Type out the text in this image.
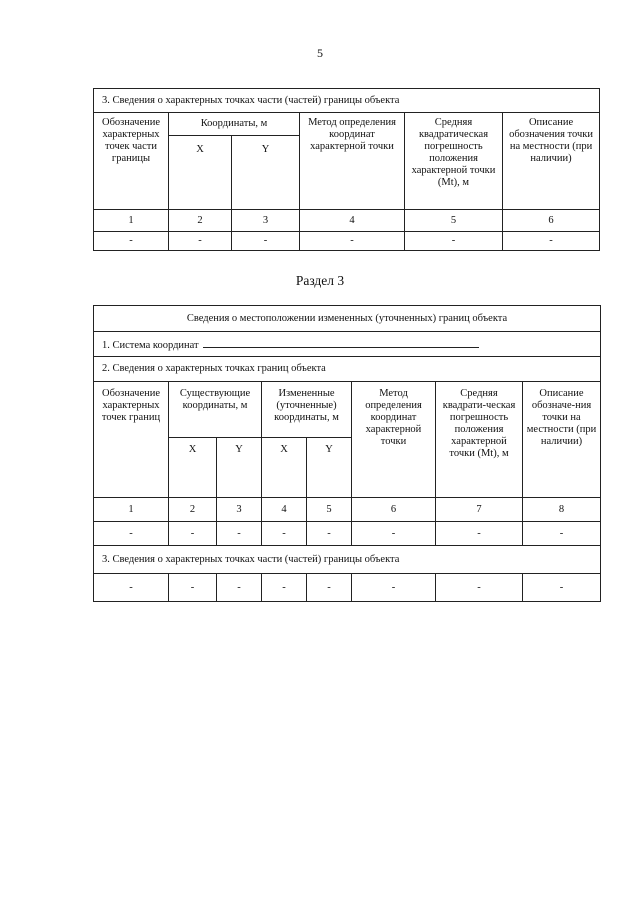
5
3. Сведения о характерных точках части (частей) границы объекта					
Обозначение характерных точек части границы	Координаты, м		Метод определения координат характерной точки	Средняя квадратическая погрешность положения характерной точки (Mt), м	Описание обозначения точки на местности (при наличии)
	X	Y			
1	2	3	4	5	6
-	-	-	-	-	-
Раздел 3
Сведения о местоположении измененных (уточненных) границ объекта							
1. Система координат							
2. Сведения о характерных точках границ объекта							
Обозначение характерных точек границ	Существующие координаты, м		Измененные (уточненные) координаты, м		Метод определения координат характерной точки	Средняя квадрати-ческая погрешность положения характерной точки (Mt), м	Описание обозначе-ния точки на местности (при наличии)
	X	Y	X	Y			
1	2	3	4	5	6	7	8
-	-	-	-	-	-	-	-
3. Сведения о характерных точках части (частей) границы объекта							
-	-	-	-	-	-	-	-
